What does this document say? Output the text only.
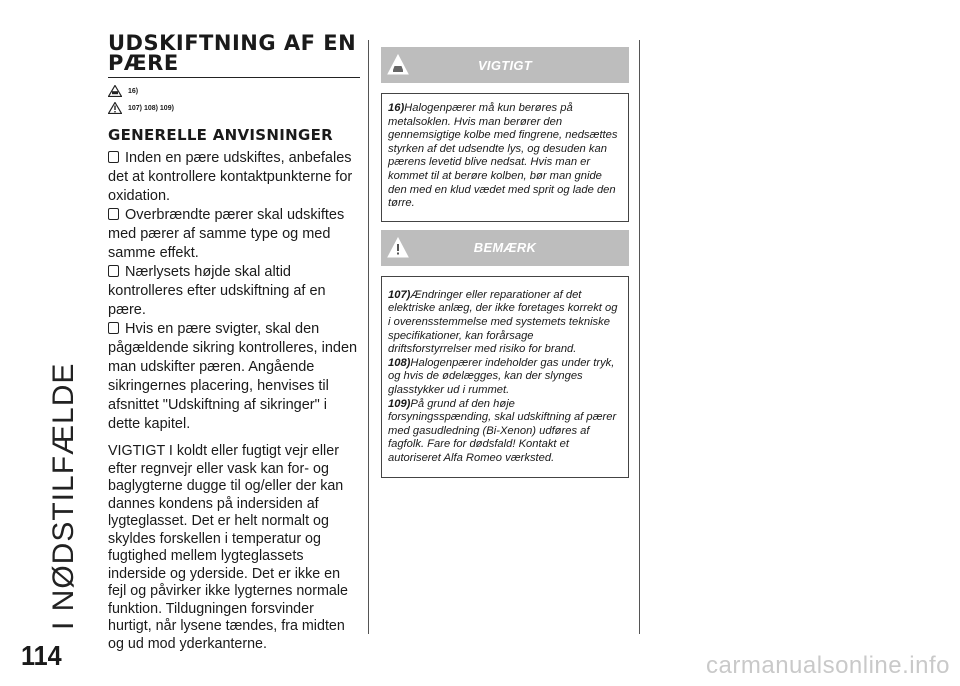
I NØDSTILFÆLDE
114
UDSKIFTNING AF EN PÆRE
16)
107) 108) 109)
GENERELLE ANVISNINGER
Inden en pære udskiftes, anbefales det at kontrollere kontaktpunkterne for oxidation.
Overbrændte pærer skal udskiftes med pærer af samme type og med samme effekt.
Nærlysets højde skal altid kontrolleres efter udskiftning af en pære.
Hvis en pære svigter, skal den pågældende sikring kontrolleres, inden man udskifter pæren. Angående sikringernes placering, henvises til afsnittet "Udskiftning af sikringer" i dette kapitel.

VIGTIGT I koldt eller fugtigt vejr eller efter regnvejr eller vask kan for- og baglygterne dugge til og/eller der kan dannes kondens på indersiden af lygteglasset. Det er helt normalt og skyldes forskellen i temperatur og fugtighed mellem lygteglassets inderside og yderside. Det er ikke en fejl og påvirker ikke lygternes normale funktion. Tildugningen forsvinder hurtigt, når lysene tændes, fra midten og ud mod yderkanterne.

VIGTIGT

16)Halogenpærer må kun berøres på metalsoklen. Hvis man berører den gennemsigtige kolbe med fingrene, nedsættes styrken af det udsendte lys, og desuden kan pærens levetid blive nedsat. Hvis man er kommet til at berøre kolben, bør man gnide den med en klud vædet med sprit og lade den tørre.

BEMÆRK

107)Ændringer eller reparationer af det elektriske anlæg, der ikke foretages korrekt og i overensstemmelse med systemets tekniske specifikationer, kan forårsage driftsforstyrrelser med risiko for brand.

108)Halogenpærer indeholder gas under tryk, og hvis de ødelægges, kan der slynges glasstykker ud i rummet.

109)På grund af den høje forsyningsspænding, skal udskiftning af pærer med gasudledning (Bi-Xenon) udføres af fagfolk. Fare for dødsfald! Kontakt et autoriseret Alfa Romeo værksted.

carmanualsonline.info
